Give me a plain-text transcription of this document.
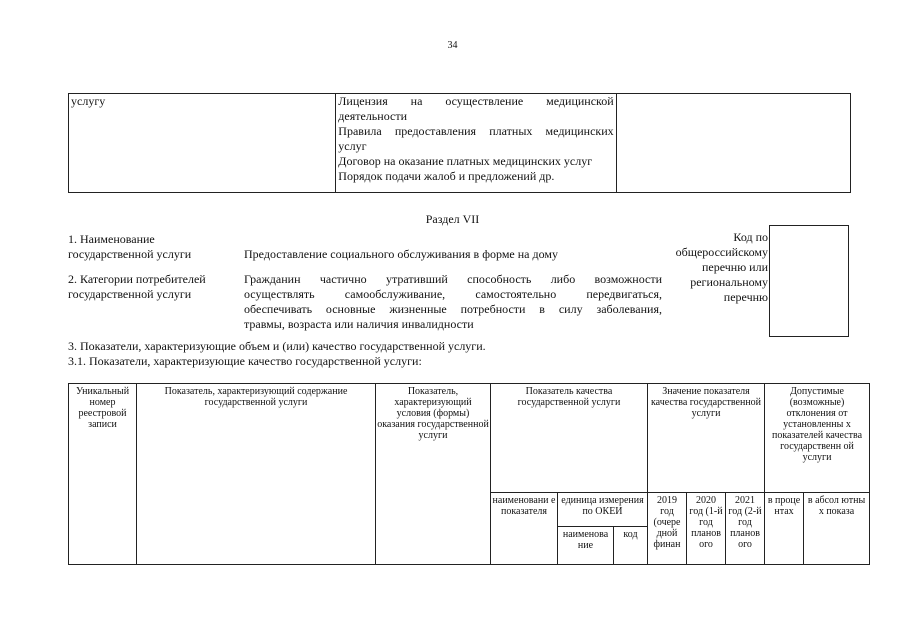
34
услугу	Лицензия на осуществление медицинской деятельности
Правила предоставления платных медицинских услуг
Договор на оказание платных медицинских услуг
Порядок подачи жалоб и предложений др.

Раздел VII
1. Наименование
государственной услуги	Предоставление социального обслуживания в форме на дому
2. Категории потребителей
государственной услуги
Гражданин частично утративший способность либо возможности
осуществлять самообслуживание, самостоятельно передвигаться,
обеспечивать основные жизненные потребности в силу заболевания,
травмы, возраста или наличия инвалидности
Код по общероссийскому перечню или региональному перечню
3. Показатели, характеризующие объем и (или) качество государственной услуги.
3.1. Показатели, характеризующие качество государственной услуги:
Уникальный номер реестровой записи	Показатель, характеризующий содержание государственной услуги	Показатель, характеризующий условия (формы) оказания государственной услуги	Показатель качества государственной услуги			Значение показателя качества государственной услуги			Допустимые (возможные) отклонения от установленны х показателей качества государственн ой услуги	
			наименовани е показателя	единица измерения по ОКЕИ		2019 год (очере дной финан	2020 год (1-й год планов ого	2021 год (2-й год планов ого	в проце нтах	в абсол ютны х показа
				наименова ние	код					
